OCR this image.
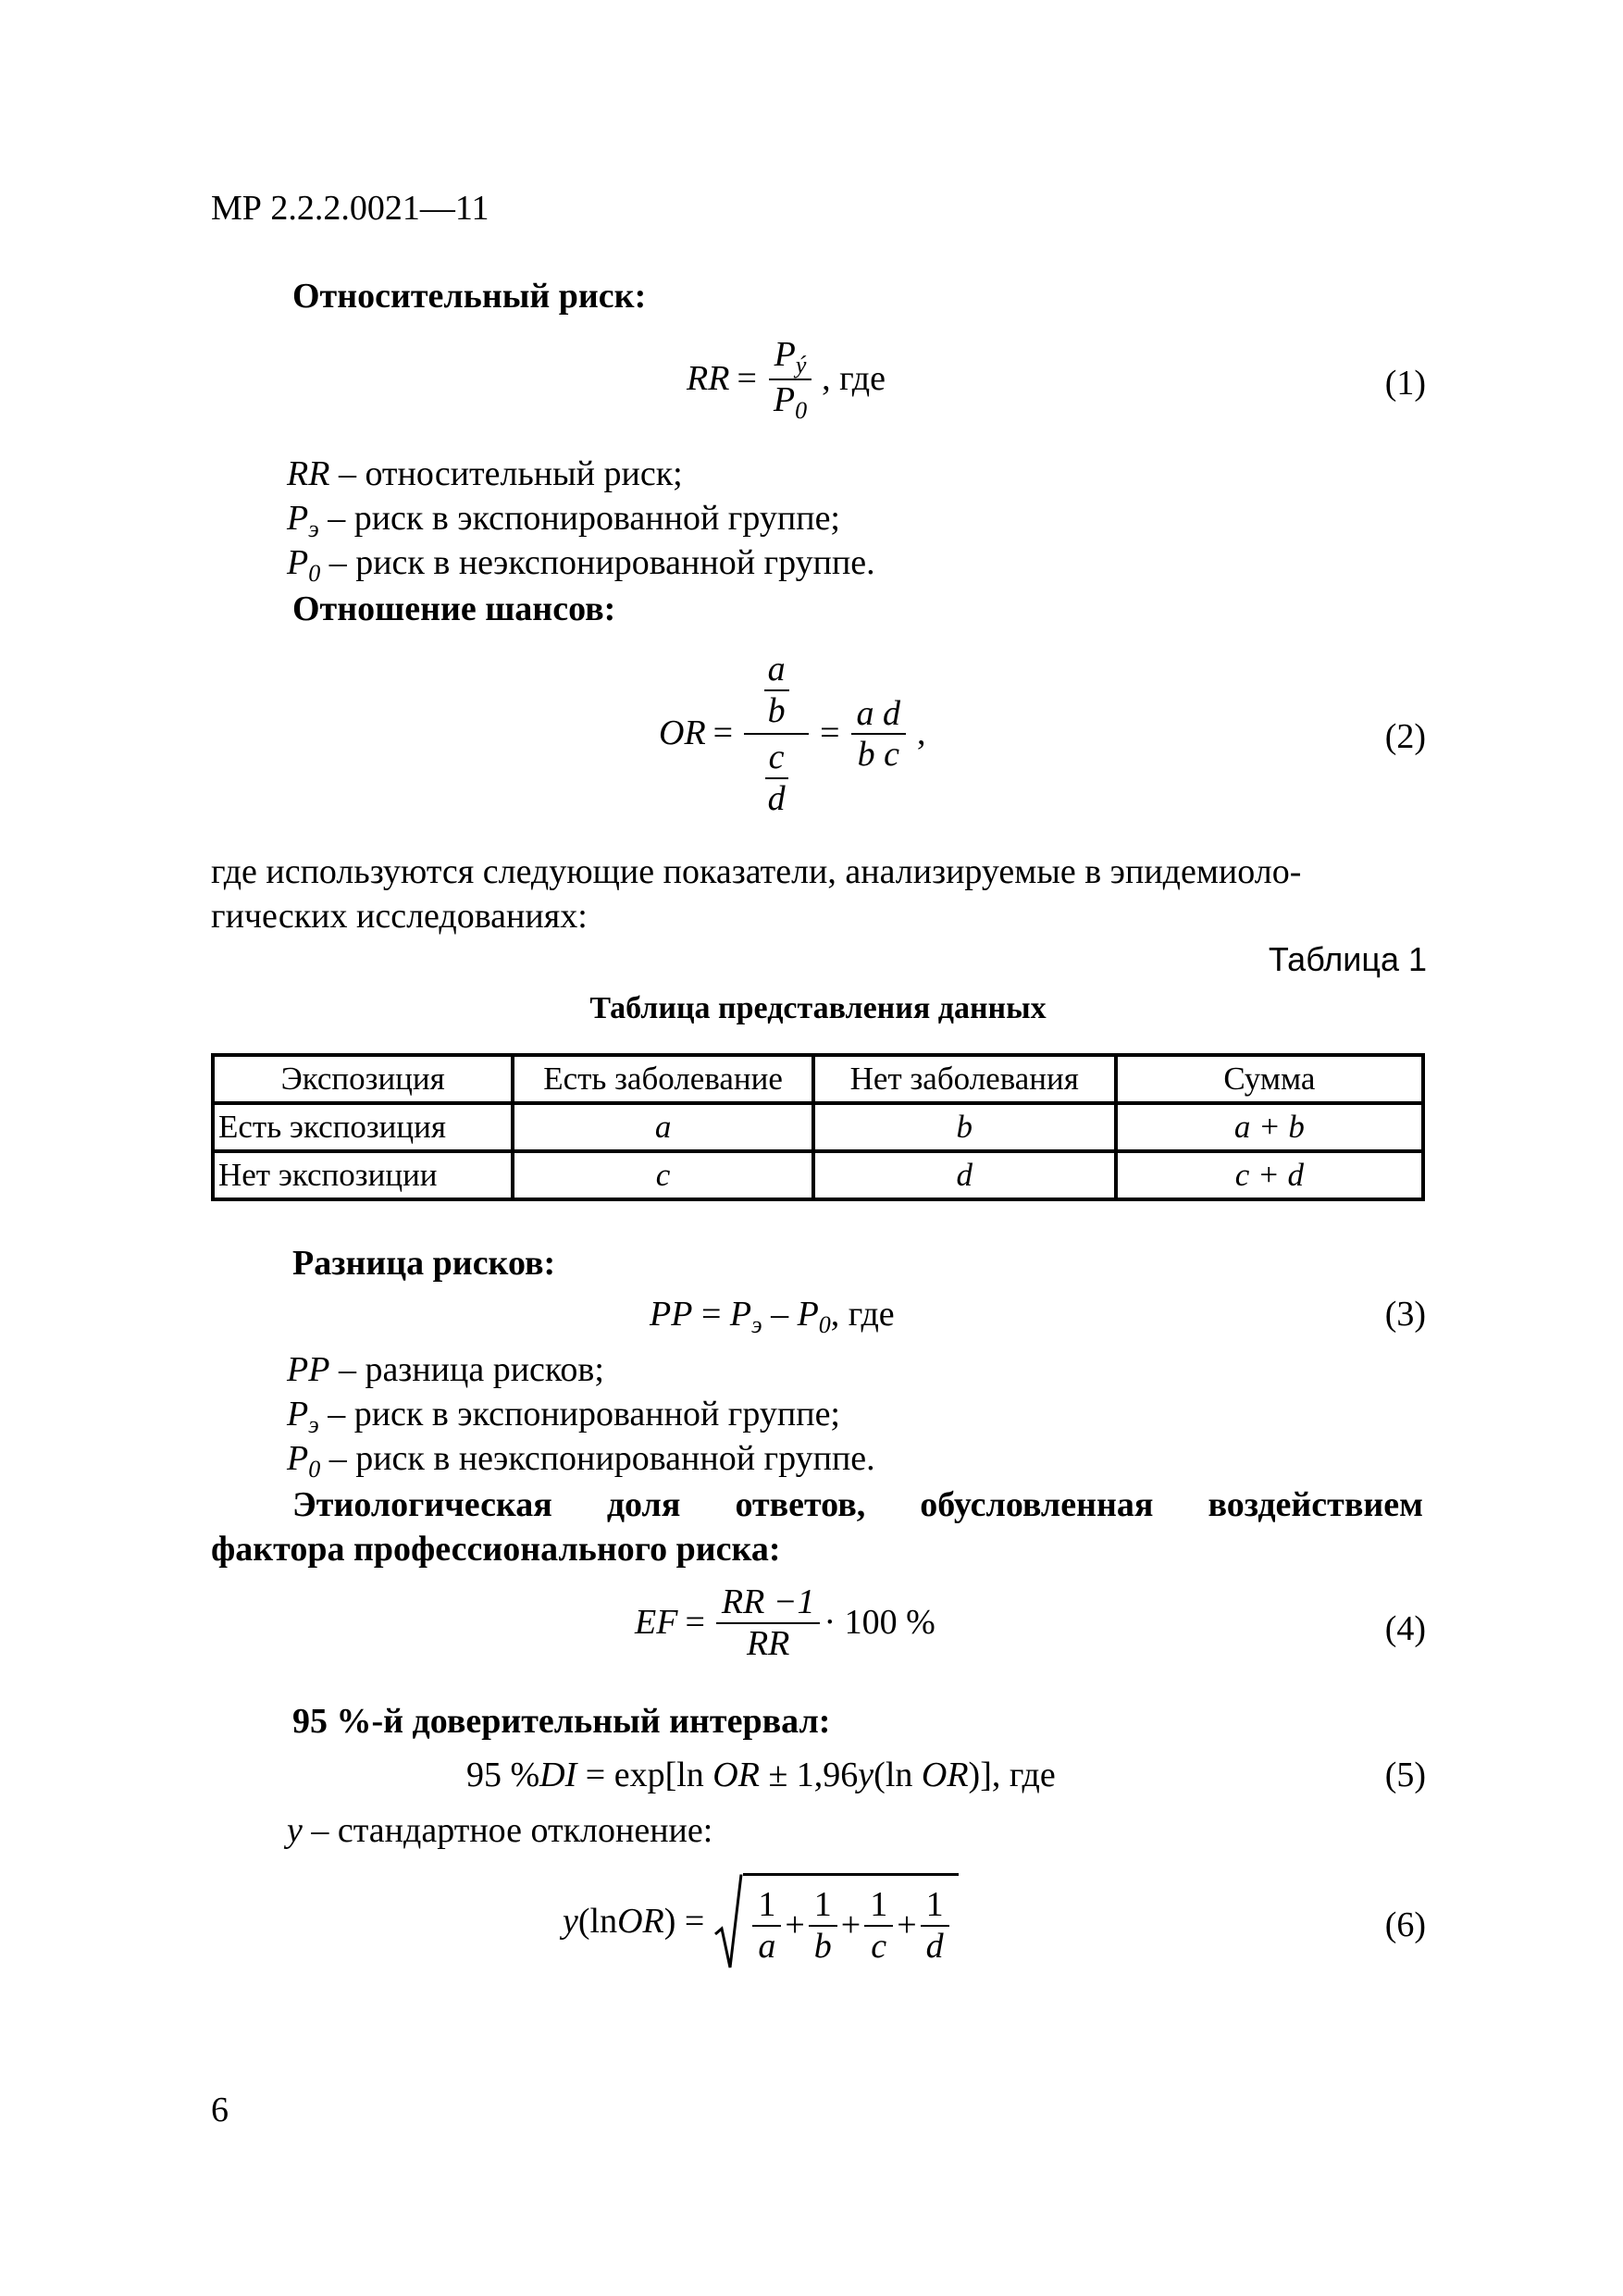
МР 2.2.2.0021—11
Относительный риск:
RR = $\frac{P_ý}{P_0}$ , где	(1)
RR – относительный риск;
$P_э$ – риск в экспонированной группе;
$P_0$ – риск в неэкспонированной группе.
Отношение шансов:
OR = a
b
c
$d = \frac{\text{a d}}{\text{b c}}$ ,	(2)
где используются следующие показатели, анализируемые в эпидемиоло-
гических исследованиях:
Таблица 1
Таблица представления данных
Экспозиция	Есть заболевание	Нет заболевания	Сумма
Есть экспозиция	a	b	a + b
Нет экспозиции	c	d	c + d
Разница рисков:
PP = $P_э - P_0$, где	(3)
PP – разница рисков;
$P_э$ – риск в экспонированной группе;
$P_0$ – риск в неэкспонированной группе.
Этиологическая доля ответов, обусловленная воздействием
фактора профессионального риска:
EF = $\frac{RR -1}{RR} \cdot 100$ %	(4)
95 %-й доверительный интервал:
95 %DI = exp[ln OR ± 1,96y(ln OR)], где	(5)
y – стандартное отклонение:
y (ln OR ) = $\frac{1}{a} + \frac{1}{b} + \frac{1}{c} + \frac{1}{d}$	(6)
6
